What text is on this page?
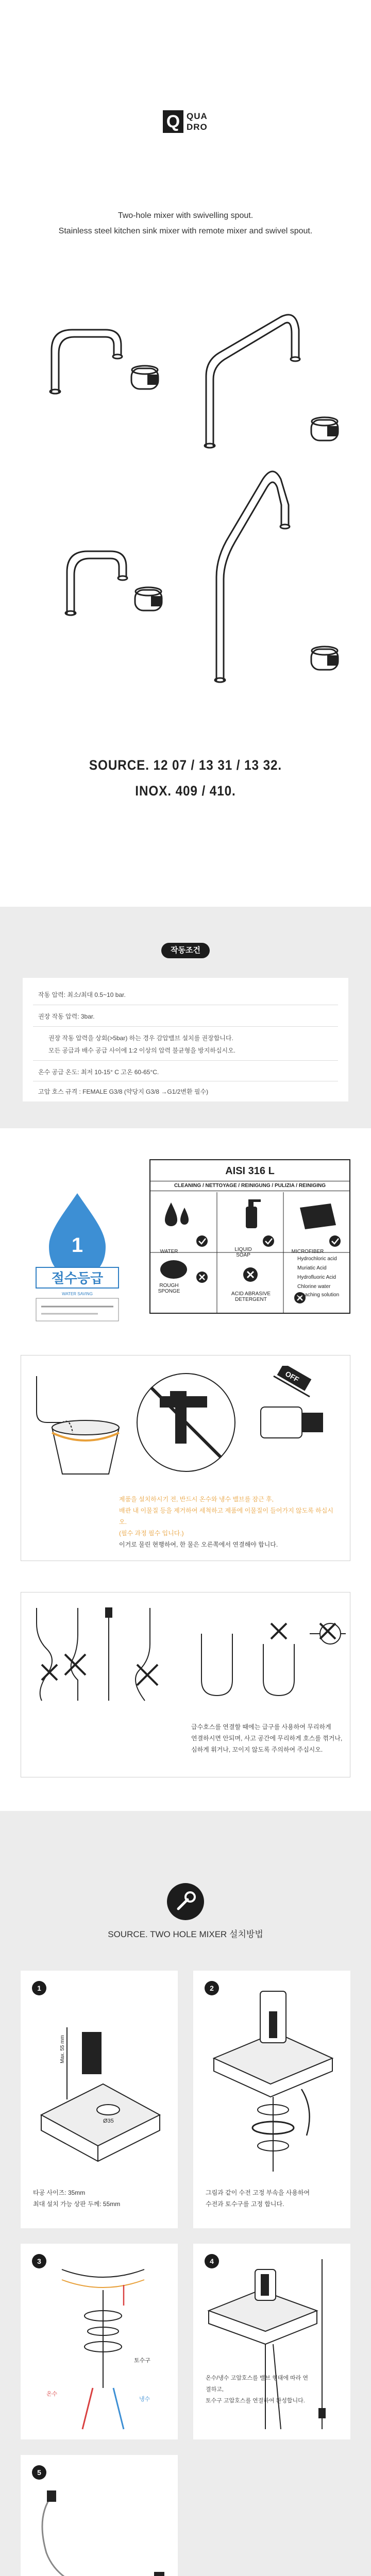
Q QUA
DRO
Two-hole mixer with swivelling spout.
Stainless steel kitchen sink mixer with remote mixer and swivel spout.
SOURCE. 12 07 / 13 31 / 13 32.
INOX. 409 / 410.
작동조건
작동 압력: 최소/최대 0.5~10 bar.
권장 작동 압력: 3bar.
권장 작동 압력을 상회(>5bar) 하는 경우 감압밸브 설치를 권장합니다.
모든 공급과 배수 공급 사이에 1:2 이상의 압력 불균형을 방지하십시오.
온수 공급 온도: 최저 10-15° C 고온 60-65°C.
고압 호스 규격 : FEMALE G3/8 (약당지 G3/8 →G1/2변환 필수)
1
절수등급
WATER SAVING
AISI 316 L
CLEANING / NETTOYAGE / REINIGUNG / PULIZIA / REINIGING
WATER	LIQUID SOAP
MICROFIBER
ROUGH SPONGE	ACID ABRASIVE DETERGENT
Hydrochloric acid
Muriatic Acid
Hydrofluoric Acid
Chlorine water
Bleaching solution
OFF
제품을 설치하시기 전, 반드시 온수와 냉수 밸브를 잠근 후,
배관 내 이물질 등을 제거하여 세척하고 제품에 이물질이 들어가지 않도록 하십시오.
(필수 과정 필수 입니다.)
이거로 물린 현행하여, 한 물은 오른쪽에서 연결해야 합니다.
급수호스를 연결할 때에는 급구를 사용하여 무리하게
연결하시면 안되며, 사고 공간에 무리하게 호스를 꺾거나,
심하게 휘거나, 꼬이지 않도록 주의하여 주십시오.
SOURCE. TWO HOLE MIXER 설치방법
1
Max. 55 mm
Ø35
타공 사이즈: 35mm
최대 설치 가능 상판 두께: 55mm
2
그림과 같이 수전 고정 부속을 사용하여
수전과 토수구를 고정 합니다.
3
온수
냉수
토수구
4
온수/냉수 고압호스를 밸브 형태에 따라 연결하고,
토수구 고압호스를 연결하여 완성합니다.
5
